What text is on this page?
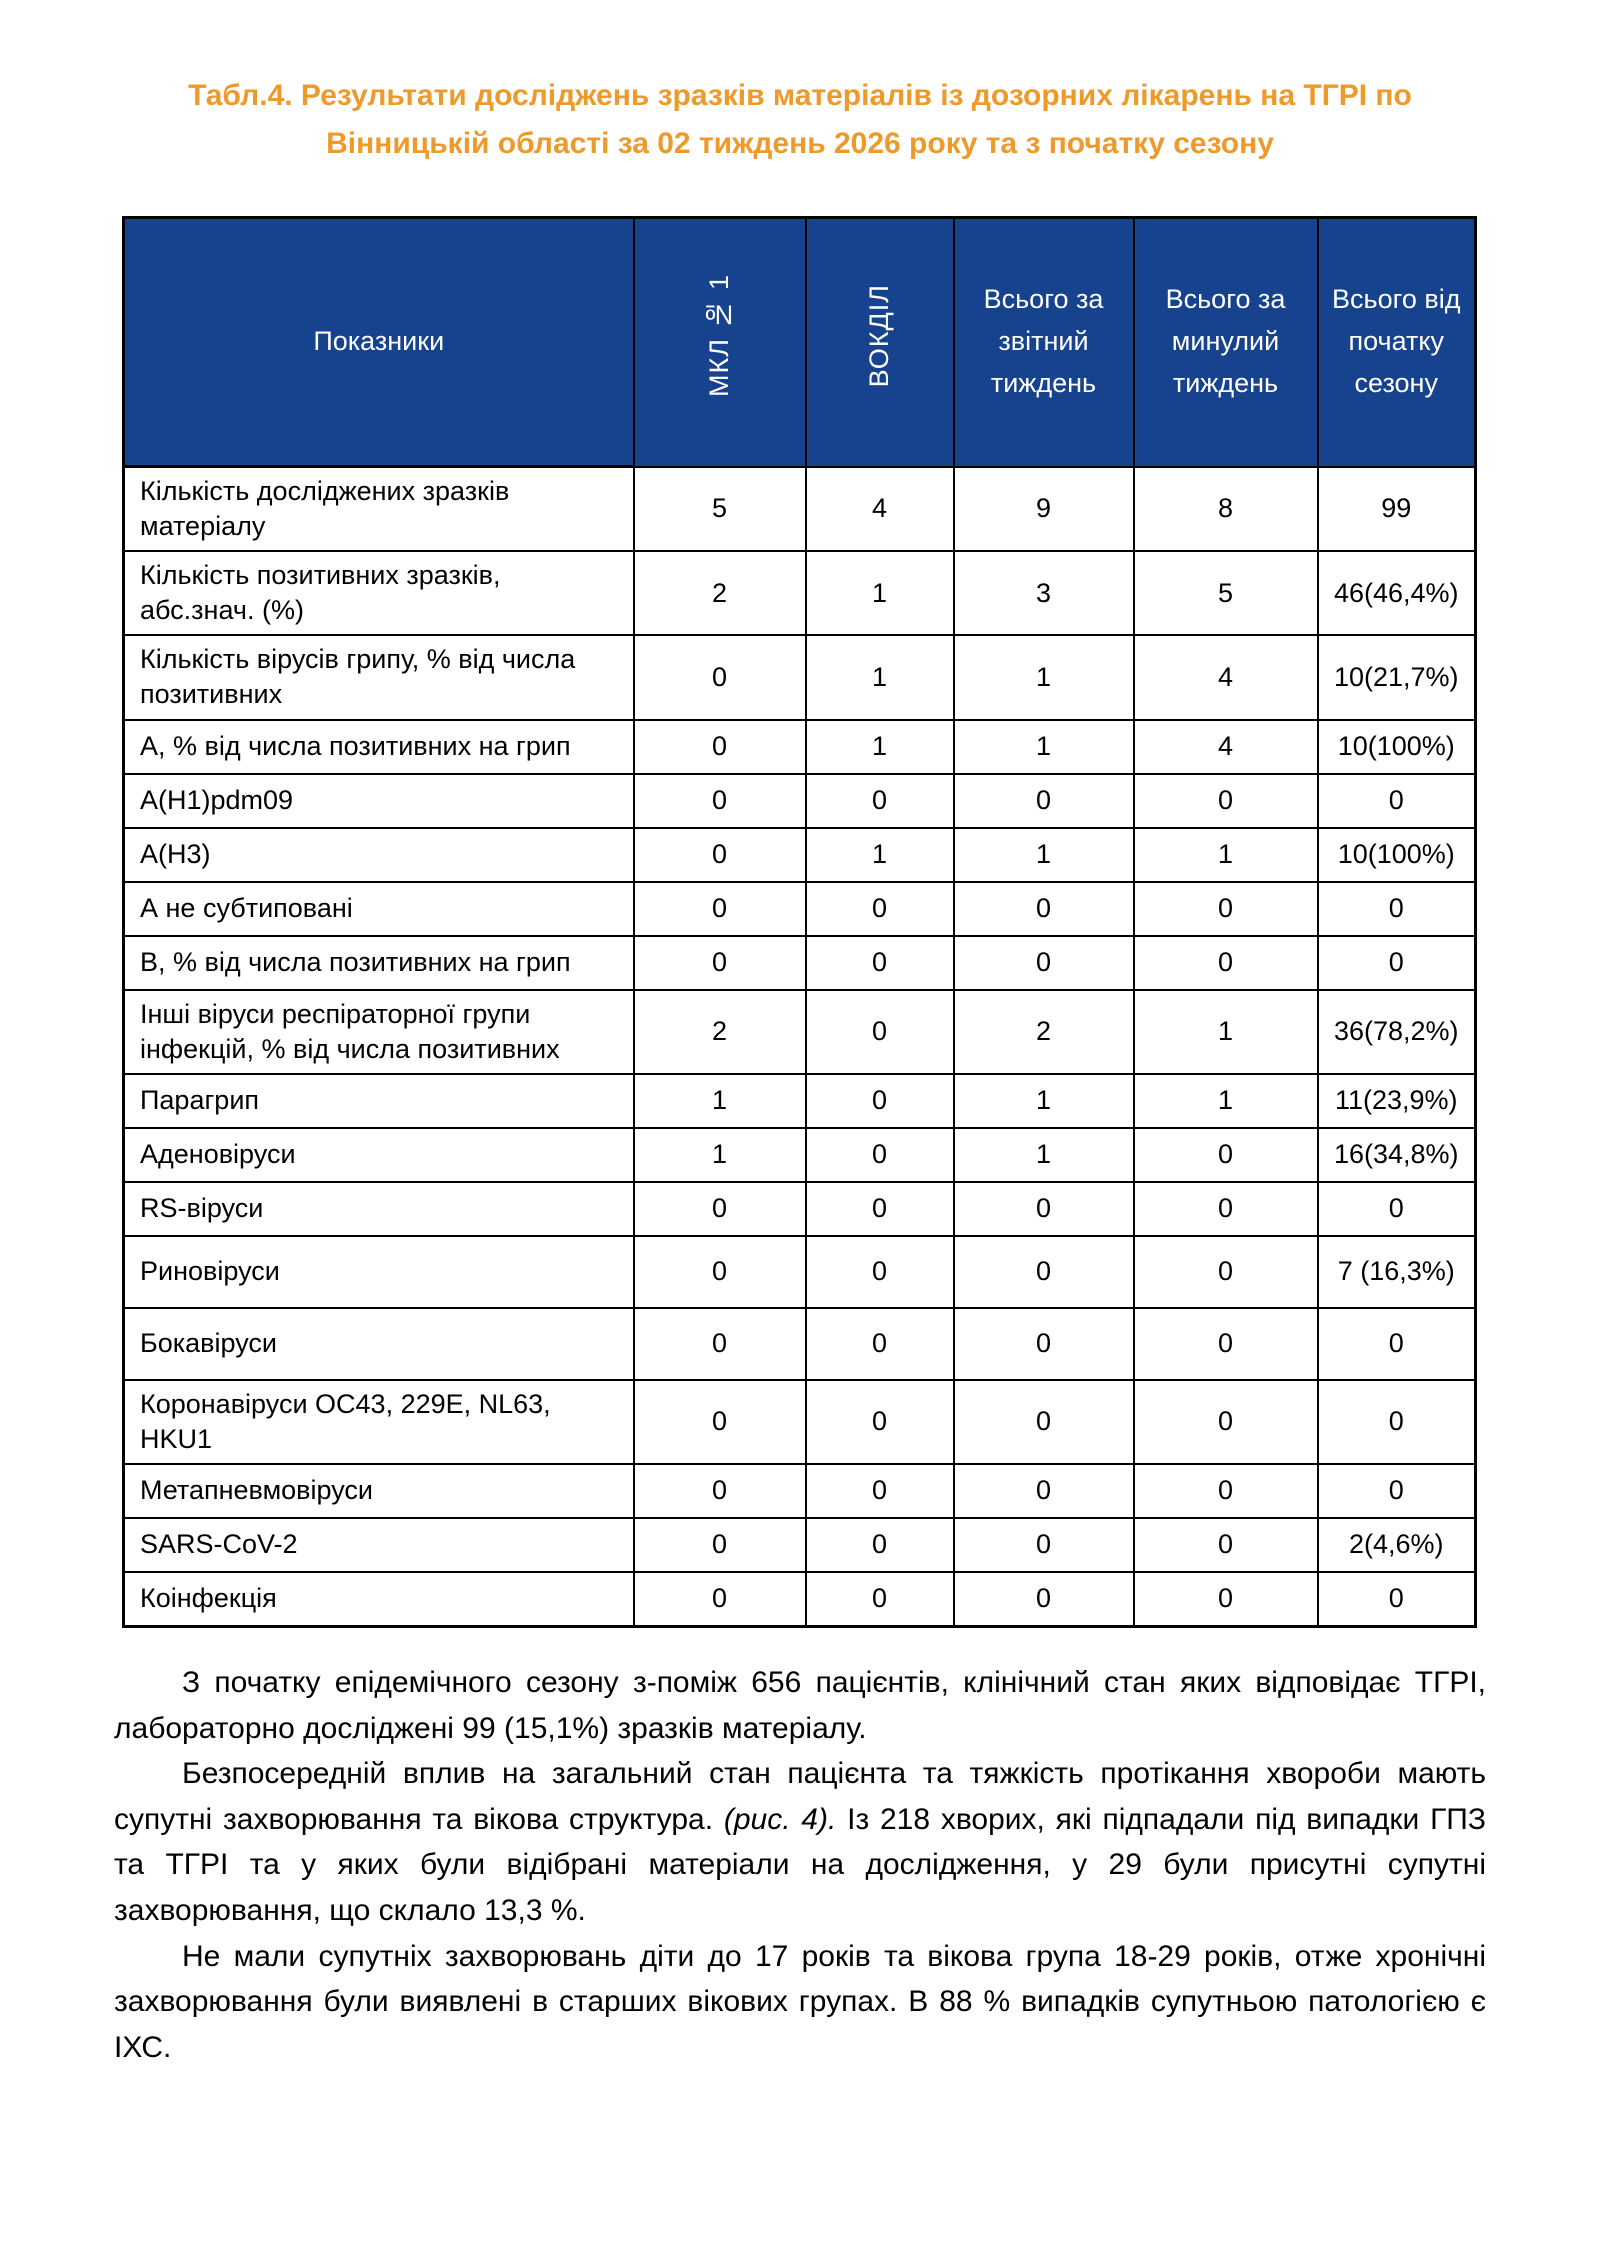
Табл.4. Результати досліджень зразків матеріалів із дозорних лікарень на ТГРІ по Вінницькій області за 02 тиждень 2026 року та з початку сезону
Показники	МКЛ № 1	ВОКДІЛ	Всього за звітний тиждень	Всього за минулий тиждень	Всього від початку сезону
Кількість досліджених зразків матеріалу	5	4	9	8	99
Кількість позитивних зразків, абс.знач. (%)	2	1	3	5	46(46,4%)
Кількість вірусів грипу, % від числа позитивних	0	1	1	4	10(21,7%)
А, % від числа позитивних на грип	0	1	1	4	10(100%)
A(H1)pdm09	0	0	0	0	0
A(H3)	0	1	1	1	10(100%)
А не субтиповані	0	0	0	0	0
В, % від числа позитивних на грип	0	0	0	0	0
Інші віруси респіраторної групи інфекцій, % від числа позитивних	2	0	2	1	36(78,2%)
Парагрип	1	0	1	1	11(23,9%)
Аденовіруси	1	0	1	0	16(34,8%)
RS-віруси	0	0	0	0	0
Риновіруси	0	0	0	0	7 (16,3%)
Бокавіруси	0	0	0	0	0
Коронавіруси ОС43, 229Е, NL63, HKU1	0	0	0	0	0
Метапневмовіруси	0	0	0	0	0
SARS-CoV-2	0	0	0	0	2(4,6%)
Коінфекція	0	0	0	0	0

З початку епідемічного сезону з-поміж 656 пацієнтів, клінічний стан яких відповідає ТГРІ, лабораторно досліджені 99 (15,1%) зразків матеріалу.

Безпосередній вплив на загальний стан пацієнта та тяжкість протікання хвороби мають супутні захворювання та вікова структура. (рис. 4). Із 218 хворих, які підпадали під випадки ГПЗ та ТГРІ та у яких були відібрані матеріали на дослідження, у 29 були присутні супутні захворювання, що склало 13,3 %.

Не мали супутніх захворювань діти до 17 років та вікова група 18-29 років, отже хронічні захворювання були виявлені в старших вікових групах. В 88 % випадків супутньою патологією є ІХС.
